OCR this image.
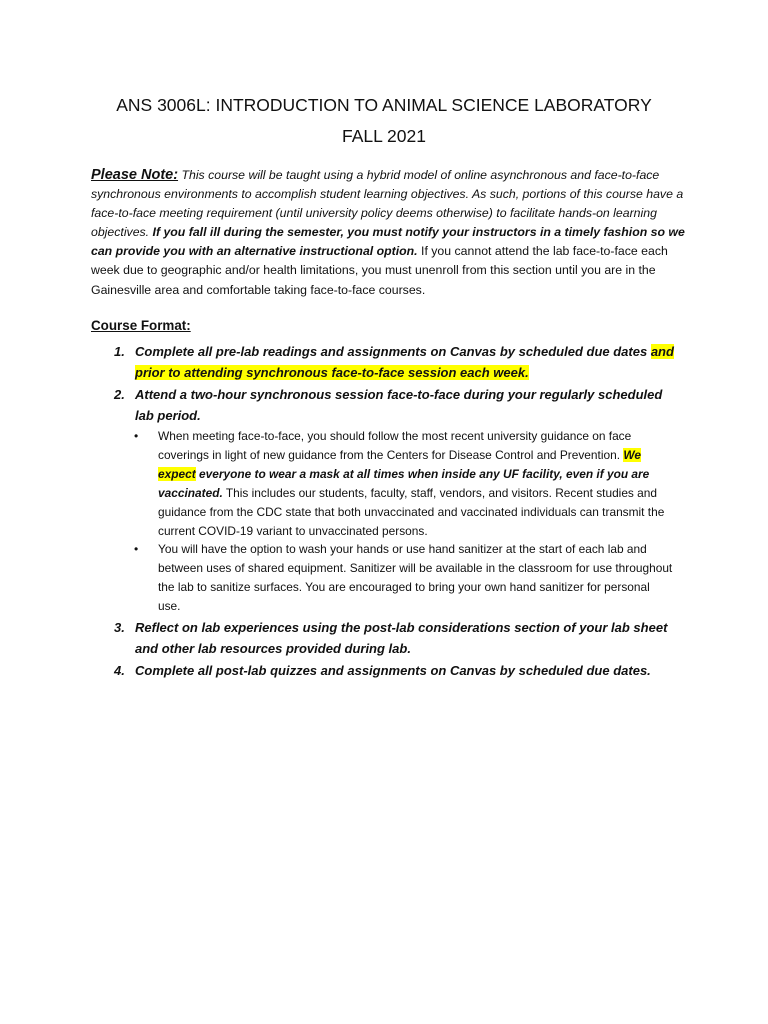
ANS 3006L: INTRODUCTION TO ANIMAL SCIENCE LABORATORY
FALL 2021
Please Note: This course will be taught using a hybrid model of online asynchronous and face-to-face synchronous environments to accomplish student learning objectives. As such, portions of this course have a face-to-face meeting requirement (until university policy deems otherwise) to facilitate hands-on learning objectives. If you fall ill during the semester, you must notify your instructors in a timely fashion so we can provide you with an alternative instructional option. If you cannot attend the lab face-to-face each week due to geographic and/or health limitations, you must unenroll from this section until you are in the Gainesville area and comfortable taking face-to-face courses.
Course Format:
1. Complete all pre-lab readings and assignments on Canvas by scheduled due dates and prior to attending synchronous face-to-face session each week.
2. Attend a two-hour synchronous session face-to-face during your regularly scheduled lab period.
• When meeting face-to-face, you should follow the most recent university guidance on face coverings in light of new guidance from the Centers for Disease Control and Prevention. We expect everyone to wear a mask at all times when inside any UF facility, even if you are vaccinated. This includes our students, faculty, staff, vendors, and visitors. Recent studies and guidance from the CDC state that both unvaccinated and vaccinated individuals can transmit the current COVID-19 variant to unvaccinated persons.
• You will have the option to wash your hands or use hand sanitizer at the start of each lab and between uses of shared equipment. Sanitizer will be available in the classroom for use throughout the lab to sanitize surfaces. You are encouraged to bring your own hand sanitizer for personal use.
3. Reflect on lab experiences using the post-lab considerations section of your lab sheet and other lab resources provided during lab.
4. Complete all post-lab quizzes and assignments on Canvas by scheduled due dates.
